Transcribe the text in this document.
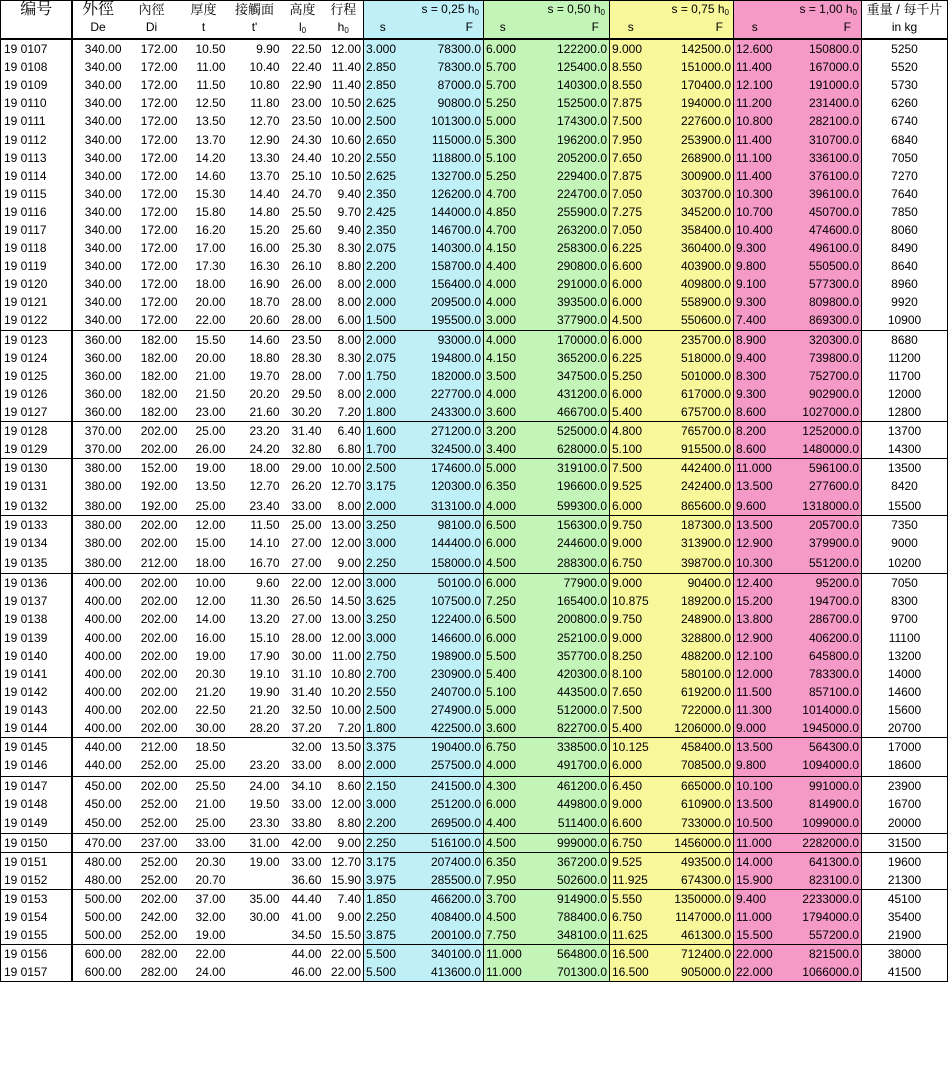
编号	外徑	內徑	厚度	接觸面	高度	行程	s = 0,25 $h_0$		s = 0,50 $h_0$		s = 0,75 $h_0$		s = 1,00 $h_0$		重量 / 每千片
	De	Di	t	t'	$l_0$	$h_0$	s	F	s	F	s	F	s	F	in kg
19 0107	340.00	172.00	10.50	9.90	22.50	12.00	3.000	78300.0	6.000	122200.0	9.000	142500.0	12.600	150800.0	5250
19 0108	340.00	172.00	11.00	10.40	22.40	11.40	2.850	78300.0	5.700	125400.0	8.550	151000.0	11.400	167000.0	5520
19 0109	340.00	172.00	11.50	10.80	22.90	11.40	2.850	87000.0	5.700	140300.0	8.550	170400.0	12.100	191000.0	5730
19 0110	340.00	172.00	12.50	11.80	23.00	10.50	2.625	90800.0	5.250	152500.0	7.875	194000.0	11.200	231400.0	6260
19 0111	340.00	172.00	13.50	12.70	23.50	10.00	2.500	101300.0	5.000	174300.0	7.500	227600.0	10.800	282100.0	6740
19 0112	340.00	172.00	13.70	12.90	24.30	10.60	2.650	115000.0	5.300	196200.0	7.950	253900.0	11.400	310700.0	6840
19 0113	340.00	172.00	14.20	13.30	24.40	10.20	2.550	118800.0	5.100	205200.0	7.650	268900.0	11.100	336100.0	7050
19 0114	340.00	172.00	14.60	13.70	25.10	10.50	2.625	132700.0	5.250	229400.0	7.875	300900.0	11.400	376100.0	7270
19 0115	340.00	172.00	15.30	14.40	24.70	9.40	2.350	126200.0	4.700	224700.0	7.050	303700.0	10.300	396100.0	7640
19 0116	340.00	172.00	15.80	14.80	25.50	9.70	2.425	144000.0	4.850	255900.0	7.275	345200.0	10.700	450700.0	7850
19 0117	340.00	172.00	16.20	15.20	25.60	9.40	2.350	146700.0	4.700	263200.0	7.050	358400.0	10.400	474600.0	8060
19 0118	340.00	172.00	17.00	16.00	25.30	8.30	2.075	140300.0	4.150	258300.0	6.225	360400.0	9.300	496100.0	8490
19 0119	340.00	172.00	17.30	16.30	26.10	8.80	2.200	158700.0	4.400	290800.0	6.600	403900.0	9.800	550500.0	8640
19 0120	340.00	172.00	18.00	16.90	26.00	8.00	2.000	156400.0	4.000	291000.0	6.000	409800.0	9.100	577300.0	8960
19 0121	340.00	172.00	20.00	18.70	28.00	8.00	2.000	209500.0	4.000	393500.0	6.000	558900.0	9.300	809800.0	9920
19 0122	340.00	172.00	22.00	20.60	28.00	6.00	1.500	195500.0	3.000	377900.0	4.500	550600.0	7.400	869300.0	10900
19 0123	360.00	182.00	15.50	14.60	23.50	8.00	2.000	93000.0	4.000	170000.0	6.000	235700.0	8.900	320300.0	8680
19 0124	360.00	182.00	20.00	18.80	28.30	8.30	2.075	194800.0	4.150	365200.0	6.225	518000.0	9.400	739800.0	11200
19 0125	360.00	182.00	21.00	19.70	28.00	7.00	1.750	182000.0	3.500	347500.0	5.250	501000.0	8.300	752700.0	11700
19 0126	360.00	182.00	21.50	20.20	29.50	8.00	2.000	227700.0	4.000	431200.0	6.000	617000.0	9.300	902900.0	12000
19 0127	360.00	182.00	23.00	21.60	30.20	7.20	1.800	243300.0	3.600	466700.0	5.400	675700.0	8.600	1027000.0	12800
19 0128	370.00	202.00	25.00	23.20	31.40	6.40	1.600	271200.0	3.200	525000.0	4.800	765700.0	8.200	1252000.0	13700
19 0129	370.00	202.00	26.00	24.20	32.80	6.80	1.700	324500.0	3.400	628000.0	5.100	915500.0	8.600	1480000.0	14300
19 0130	380.00	152.00	19.00	18.00	29.00	10.00	2.500	174600.0	5.000	319100.0	7.500	442400.0	11.000	596100.0	13500
19 0131	380.00	192.00	13.50	12.70	26.20	12.70	3.175	120300.0	6.350	196600.0	9.525	242400.0	13.500	277600.0	8420
19 0132	380.00	192.00	25.00	23.40	33.00	8.00	2.000	313100.0	4.000	599300.0	6.000	865600.0	9.600	1318000.0	15500
19 0133	380.00	202.00	12.00	11.50	25.00	13.00	3.250	98100.0	6.500	156300.0	9.750	187300.0	13.500	205700.0	7350
19 0134	380.00	202.00	15.00	14.10	27.00	12.00	3.000	144400.0	6.000	244600.0	9.000	313900.0	12.900	379900.0	9000
19 0135	380.00	212.00	18.00	16.70	27.00	9.00	2.250	158000.0	4.500	288300.0	6.750	398700.0	10.300	551200.0	10200
19 0136	400.00	202.00	10.00	9.60	22.00	12.00	3.000	50100.0	6.000	77900.0	9.000	90400.0	12.400	95200.0	7050
19 0137	400.00	202.00	12.00	11.30	26.50	14.50	3.625	107500.0	7.250	165400.0	10.875	189200.0	15.200	194700.0	8300
19 0138	400.00	202.00	14.00	13.20	27.00	13.00	3.250	122400.0	6.500	200800.0	9.750	248900.0	13.800	286700.0	9700
19 0139	400.00	202.00	16.00	15.10	28.00	12.00	3.000	146600.0	6.000	252100.0	9.000	328800.0	12.900	406200.0	11100
19 0140	400.00	202.00	19.00	17.90	30.00	11.00	2.750	198900.0	5.500	357700.0	8.250	488200.0	12.100	645800.0	13200
19 0141	400.00	202.00	20.30	19.10	31.10	10.80	2.700	230900.0	5.400	420300.0	8.100	580100.0	12.000	783300.0	14000
19 0142	400.00	202.00	21.20	19.90	31.40	10.20	2.550	240700.0	5.100	443500.0	7.650	619200.0	11.500	857100.0	14600
19 0143	400.00	202.00	22.50	21.20	32.50	10.00	2.500	274900.0	5.000	512000.0	7.500	722000.0	11.300	1014000.0	15600
19 0144	400.00	202.00	30.00	28.20	37.20	7.20	1.800	422500.0	3.600	822700.0	5.400	1206000.0	9.000	1945000.0	20700
19 0145	440.00	212.00	18.50		32.00	13.50	3.375	190400.0	6.750	338500.0	10.125	458400.0	13.500	564300.0	17000
19 0146	440.00	252.00	25.00	23.20	33.00	8.00	2.000	257500.0	4.000	491700.0	6.000	708500.0	9.800	1094000.0	18600
19 0147	450.00	202.00	25.50	24.00	34.10	8.60	2.150	241500.0	4.300	461200.0	6.450	665000.0	10.100	991000.0	23900
19 0148	450.00	252.00	21.00	19.50	33.00	12.00	3.000	251200.0	6.000	449800.0	9.000	610900.0	13.500	814900.0	16700
19 0149	450.00	252.00	25.00	23.30	33.80	8.80	2.200	269500.0	4.400	511400.0	6.600	733000.0	10.500	1099000.0	20000
19 0150	470.00	237.00	33.00	31.00	42.00	9.00	2.250	516100.0	4.500	999000.0	6.750	1456000.0	11.000	2282000.0	31500
19 0151	480.00	252.00	20.30	19.00	33.00	12.70	3.175	207400.0	6.350	367200.0	9.525	493500.0	14.000	641300.0	19600
19 0152	480.00	252.00	20.70		36.60	15.90	3.975	285500.0	7.950	502600.0	11.925	674300.0	15.900	823100.0	21300
19 0153	500.00	202.00	37.00	35.00	44.40	7.40	1.850	466200.0	3.700	914900.0	5.550	1350000.0	9.400	2233000.0	45100
19 0154	500.00	242.00	32.00	30.00	41.00	9.00	2.250	408400.0	4.500	788400.0	6.750	1147000.0	11.000	1794000.0	35400
19 0155	500.00	252.00	19.00		34.50	15.50	3.875	200100.0	7.750	348100.0	11.625	461300.0	15.500	557200.0	21900
19 0156	600.00	282.00	22.00		44.00	22.00	5.500	340100.0	11.000	564800.0	16.500	712400.0	22.000	821500.0	38000
19 0157	600.00	282.00	24.00		46.00	22.00	5.500	413600.0	11.000	701300.0	16.500	905000.0	22.000	1066000.0	41500
